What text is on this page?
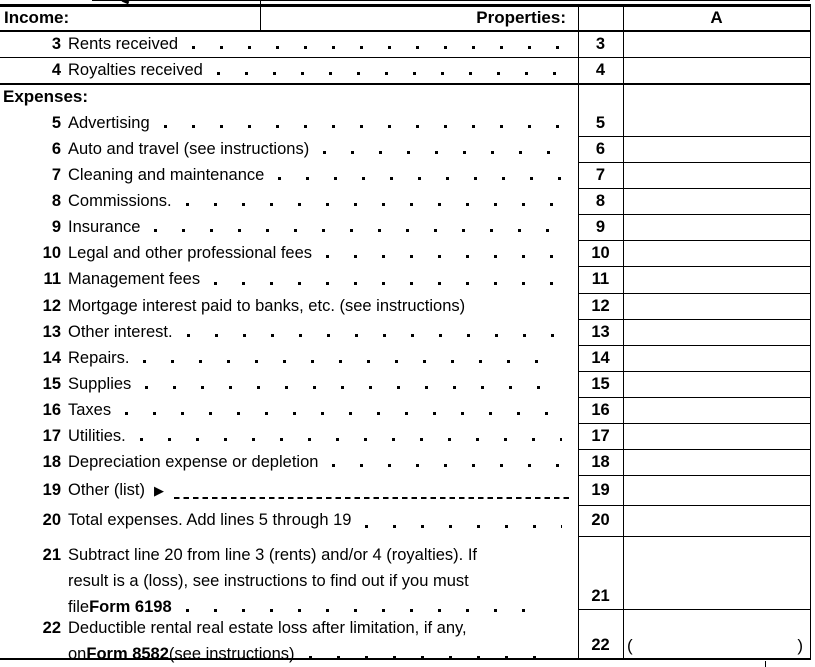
Income:	Properties:	A
Expenses:
3 Rents received	3
4 Royalties received	4
5 Advertising	5
6 Auto and travel (see instructions)	6
7 Cleaning and maintenance	7
8 Commissions.	8
9 Insurance	9
10 Legal and other professional fees	10
11 Management fees	11
12 Mortgage interest paid to banks, etc. (see instructions)	12
13 Other interest.	13
14 Repairs.	14
15 Supplies	15
16 Taxes	16
17 Utilities.	17
18 Depreciation expense or depletion	18
19 Other (list) ▶	19
20 Total expenses. Add lines 5 through 19	20
21 Subtract line 20 from line 3 (rents) and/or 4 (royalties). If
result is a (loss), see instructions to find out if you must
file Form 6198
21
22 Deductible rental real estate loss after limitation, if any,
on Form 8582 (see instructions)	22	(	)
